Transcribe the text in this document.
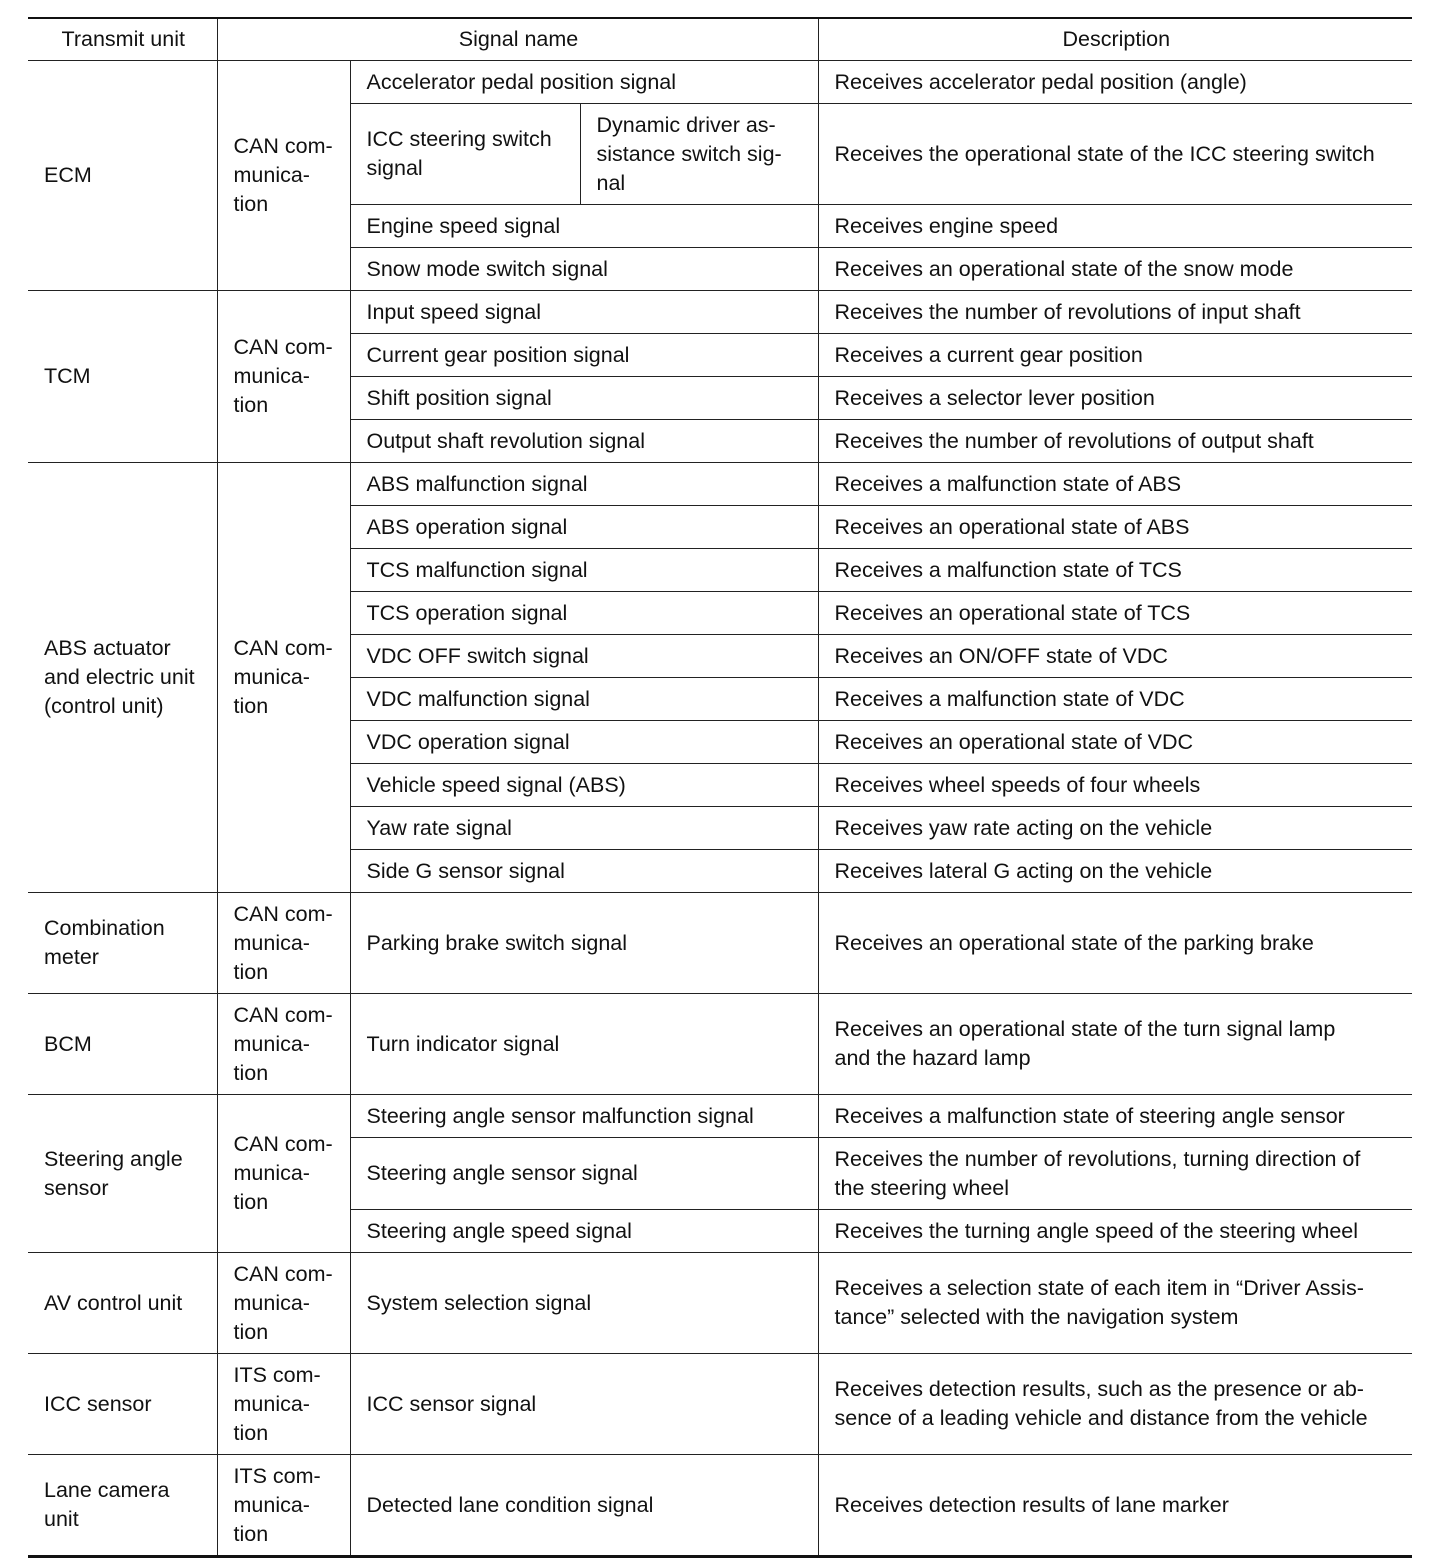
Transmit unit	Signal name			Description
ECM	CAN com-
munica-
tion	Accelerator pedal position signal		Receives accelerator pedal position (angle)
		ICC steering switch signal	Dynamic driver as-
sistance switch sig-
nal	Receives the operational state of the ICC steering switch
		Engine speed signal		Receives engine speed
		Snow mode switch signal		Receives an operational state of the snow mode
TCM	CAN com-
munica-
tion	Input speed signal		Receives the number of revolutions of input shaft
		Current gear position signal		Receives a current gear position
		Shift position signal		Receives a selector lever position
		Output shaft revolution signal		Receives the number of revolutions of output shaft
ABS actuator
and electric unit
(control unit)	CAN com-
munica-
tion	ABS malfunction signal		Receives a malfunction state of ABS
		ABS operation signal		Receives an operational state of ABS
		TCS malfunction signal		Receives a malfunction state of TCS
		TCS operation signal		Receives an operational state of TCS
		VDC OFF switch signal		Receives an ON/OFF state of VDC
		VDC malfunction signal		Receives a malfunction state of VDC
		VDC operation signal		Receives an operational state of VDC
		Vehicle speed signal (ABS)		Receives wheel speeds of four wheels
		Yaw rate signal		Receives yaw rate acting on the vehicle
		Side G sensor signal		Receives lateral G acting on the vehicle
Combination
meter	CAN com-
munica-
tion	Parking brake switch signal		Receives an operational state of the parking brake
BCM	CAN com-
munica-
tion	Turn indicator signal		Receives an operational state of the turn signal lamp
and the hazard lamp
Steering angle
sensor	CAN com-
munica-
tion	Steering angle sensor malfunction signal		Receives a malfunction state of steering angle sensor
		Steering angle sensor signal		Receives the number of revolutions, turning direction of
the steering wheel
		Steering angle speed signal		Receives the turning angle speed of the steering wheel
AV control unit	CAN com-
munica-
tion	System selection signal		Receives a selection state of each item in “Driver Assis-
tance” selected with the navigation system
ICC sensor	ITS com-
munica-
tion	ICC sensor signal		Receives detection results, such as the presence or ab-
sence of a leading vehicle and distance from the vehicle
Lane camera
unit	ITS com-
munica-
tion	Detected lane condition signal		Receives detection results of lane marker
